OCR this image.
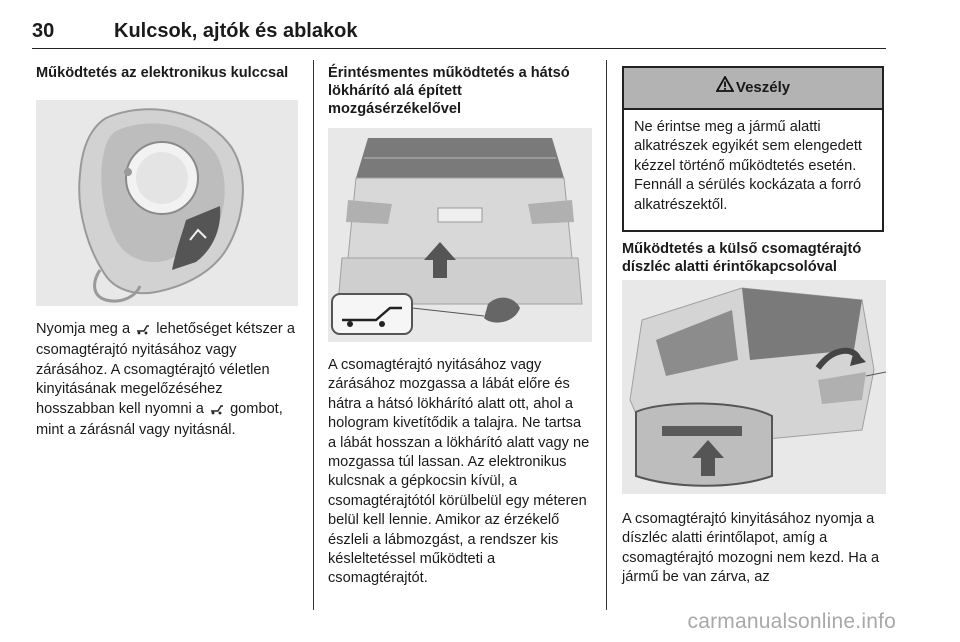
30	Kulcsok, ajtók és ablakok
Működtetés az elektronikus kulccsal

Nyomja meg a lehetőséget kétszer a csomagtérajtó nyitásához vagy zárásához. A csomagtérajtó véletlen kinyitásának megelőzéséhez hosszabban kell nyomni a gombot, mint a zárásnál vagy nyitásnál.

Érintésmentes működtetés a hátsó lökhárító alá épített mozgásérzékelővel

A csomagtérajtó nyitásához vagy zárásához mozgassa a lábát előre és hátra a hátsó lökhárító alatt ott, ahol a hologram kivetítődik a talajra. Ne tartsa a lábát hosszan a lökhárító alatt vagy ne mozgassa túl lassan. Az elektronikus kulcsnak a gépkocsin kívül, a csomagtérajtótól körülbelül egy méteren belül kell lennie. Amikor az érzékelő észleli a lábmozgást, a rendszer kis késleltetéssel működteti a csomagtérajtót.

Veszély
Ne érintse meg a jármű alatti alkatrészek egyikét sem elengedett kézzel történő működtetés esetén. Fennáll a sérülés kockázata a forró alkatrészektől.
Működtetés a külső csomagtérajtó díszléc alatti érintőkapcsolóval

A csomagtérajtó kinyitásához nyomja a díszléc alatti érintőlapot, amíg a csomagtérajtó mozogni nem kezd. Ha a jármű be van zárva, az

carmanualsonline.info
